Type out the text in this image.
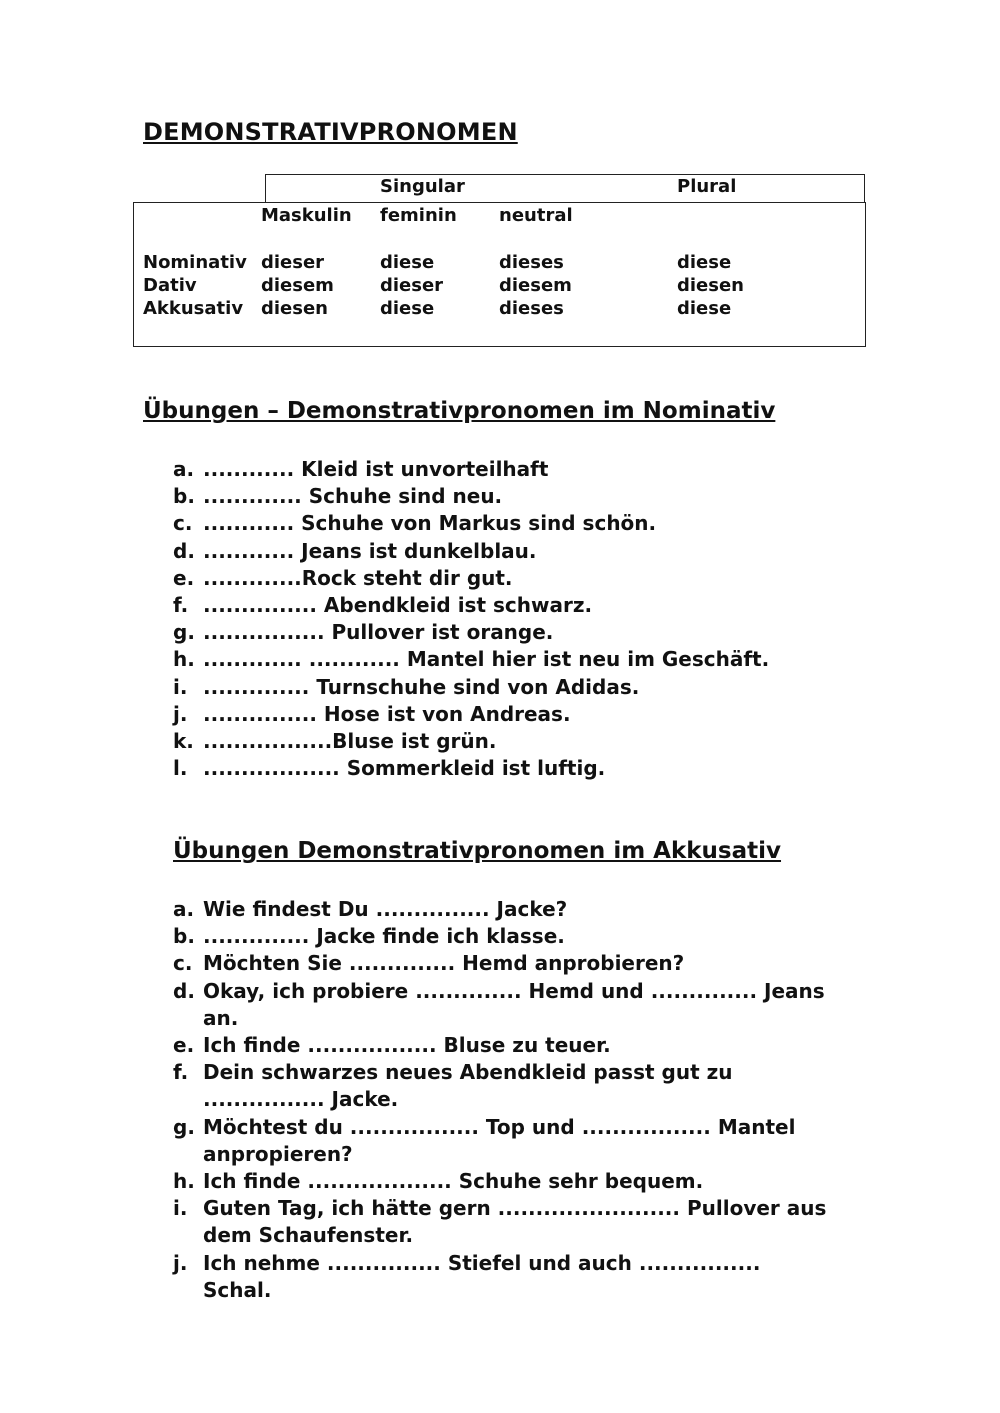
DEMONSTRATIVPRONOMEN
Singular	Plural
Maskulin feminin neutral
Nominativ dieser	diese	dieses	diese
Dativ	diesem	dieser	diesem	diesen
Akkusativ diesen	diese	dieses	diese
Übungen – Demonstrativpronomen im Nominativ
a. ............ Kleid ist unvorteilhaft
b. ............. Schuhe sind neu.
c. ............ Schuhe von Markus sind schön.
d. ............ Jeans ist dunkelblau.
e. .............Rock steht dir gut.
f. ............... Abendkleid ist schwarz.
g. ................ Pullover ist orange.
h. ............. ............ Mantel hier ist neu im Geschäft.
i. .............. Turnschuhe sind von Adidas.
j. ............... Hose ist von Andreas.
k. .................Bluse ist grün.
l. .................. Sommerkleid ist luftig.
Übungen Demonstrativpronomen im Akkusativ
a. Wie findest Du ............... Jacke?
b. .............. Jacke finde ich klasse.
c. Möchten Sie .............. Hemd anprobieren?
d. Okay, ich probiere .............. Hemd und .............. Jeans an.
e. Ich finde ................. Bluse zu teuer.
f. Dein schwarzes neues Abendkleid passt gut zu ................ Jacke.
g. Möchtest du ................. Top und ................. Mantel anpropieren?
h. Ich finde ................... Schuhe sehr bequem.
i. Guten Tag, ich hätte gern ........................ Pullover aus dem Schaufenster.
j. Ich nehme ............... Stiefel und auch ................ Schal.
